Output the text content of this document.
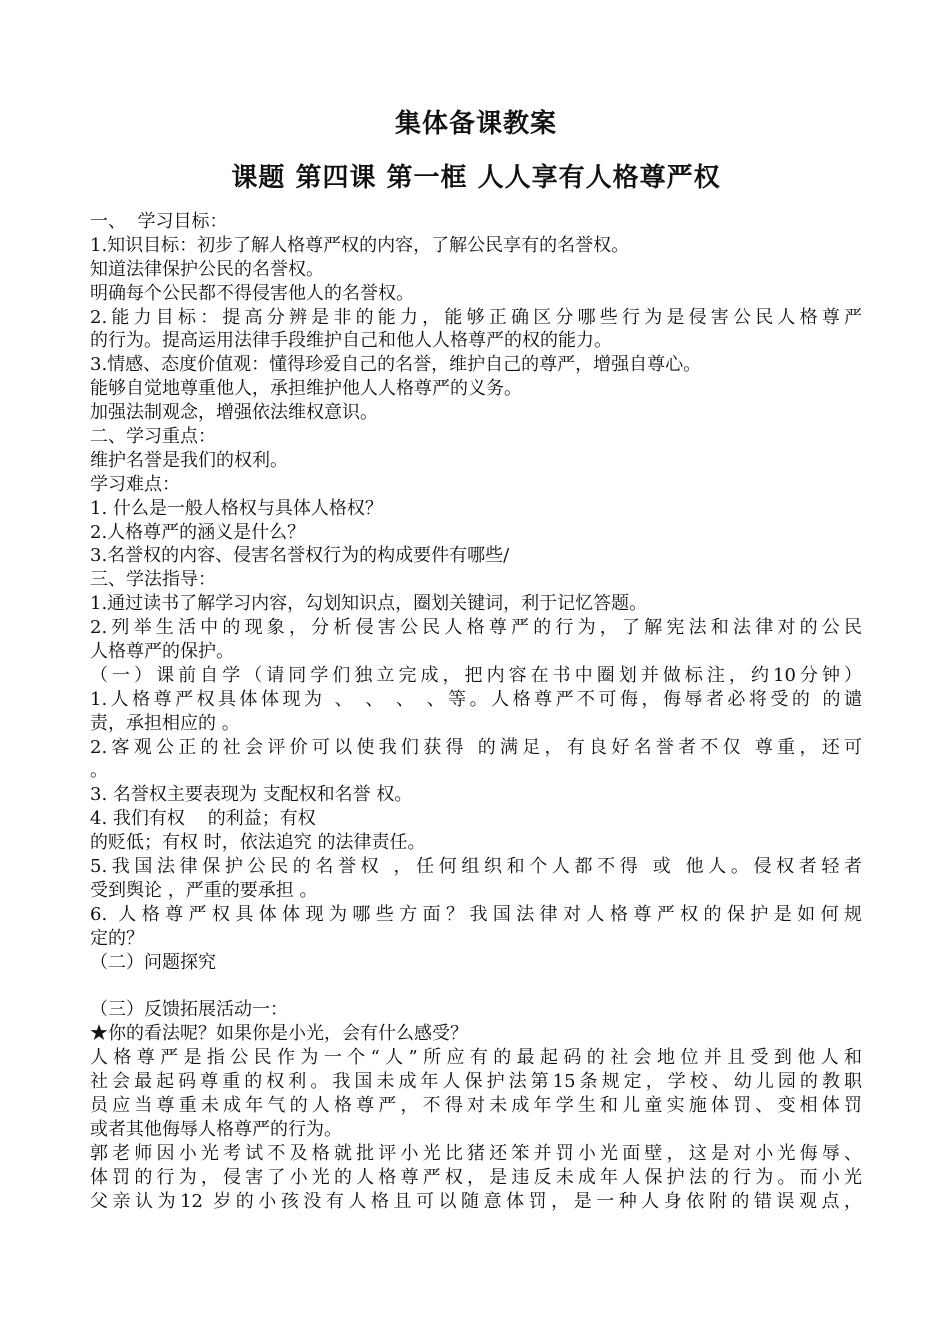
集体备课教案
课题 第四课 第一框 人人享有人格尊严权
一、  学习目标：
1.知识目标：初步了解人格尊严权的内容，了解公民享有的名誉权。
知道法律保护公民的名誉权。
明确每个公民都不得侵害他人的名誉权。
2.能力目标：提高分辨是非的能力，能够正确区分哪些行为是侵害公民人格尊严
的行为。提高运用法律手段维护自己和他人人格尊严的权的能力。
3.情感、态度价值观：懂得珍爱自己的名誉，维护自己的尊严，增强自尊心。
能够自觉地尊重他人，承担维护他人人格尊严的义务。
加强法制观念，增强依法维权意识。
二、学习重点：
维护名誉是我们的权利。
学习难点：
1. 什么是一般人格权与具体人格权？
2.人格尊严的涵义是什么？
3.名誉权的内容、侵害名誉权行为的构成要件有哪些/
三、学法指导：
1.通过读书了解学习内容，勾划知识点，圈划关键词，利于记忆答题。
2.列举生活中的现象，分析侵害公民人格尊严的行为，了解宪法和法律对的公民
人格尊严的保护。
（一）课前自学（请同学们独立完成，把内容在书中圈划并做标注，约10分钟）
1.人格尊严权具体体现为 、 、 、 、等。人格尊严不可侮，侮辱者必将受的 的谴
责，承担相应的 。
2.客观公正的社会评价可以使我们获得 的满足，有良好名誉者不仅 尊重，还可
。
3. 名誉权主要表现为 支配权和名誉 权。
4. 我们有权    的利益；有权
的贬低；有权 时，依法追究 的法律责任。
5.我国法律保护公民的名誉权 ，任何组织和个人都不得 或 他人。侵权者轻者
受到舆论 ，严重的要承担 。
6. 人格尊严权具体体现为哪些方面？我国法律对人格尊严权的保护是如何规
定的？
（二）问题探究
（三）反馈拓展活动一：
★你的看法呢？如果你是小光，会有什么感受？
人格尊严是指公民作为一个“人”所应有的最起码的社会地位并且受到他人和
社会最起码尊重的权利。我国未成年人保护法第15条规定，学校、幼儿园的教职
员应当尊重未成年气的人格尊严，不得对未成年学生和儿童实施体罚、变相体罚
或者其他侮辱人格尊严的行为。
郭老师因小光考试不及格就批评小光比猪还笨并罚小光面壁，这是对小光侮辱、
体罚的行为，侵害了小光的人格尊严权，是违反未成年人保护法的行为。而小光
父亲认为12 岁的小孩没有人格且可以随意体罚，是一种人身依附的错误观点，
